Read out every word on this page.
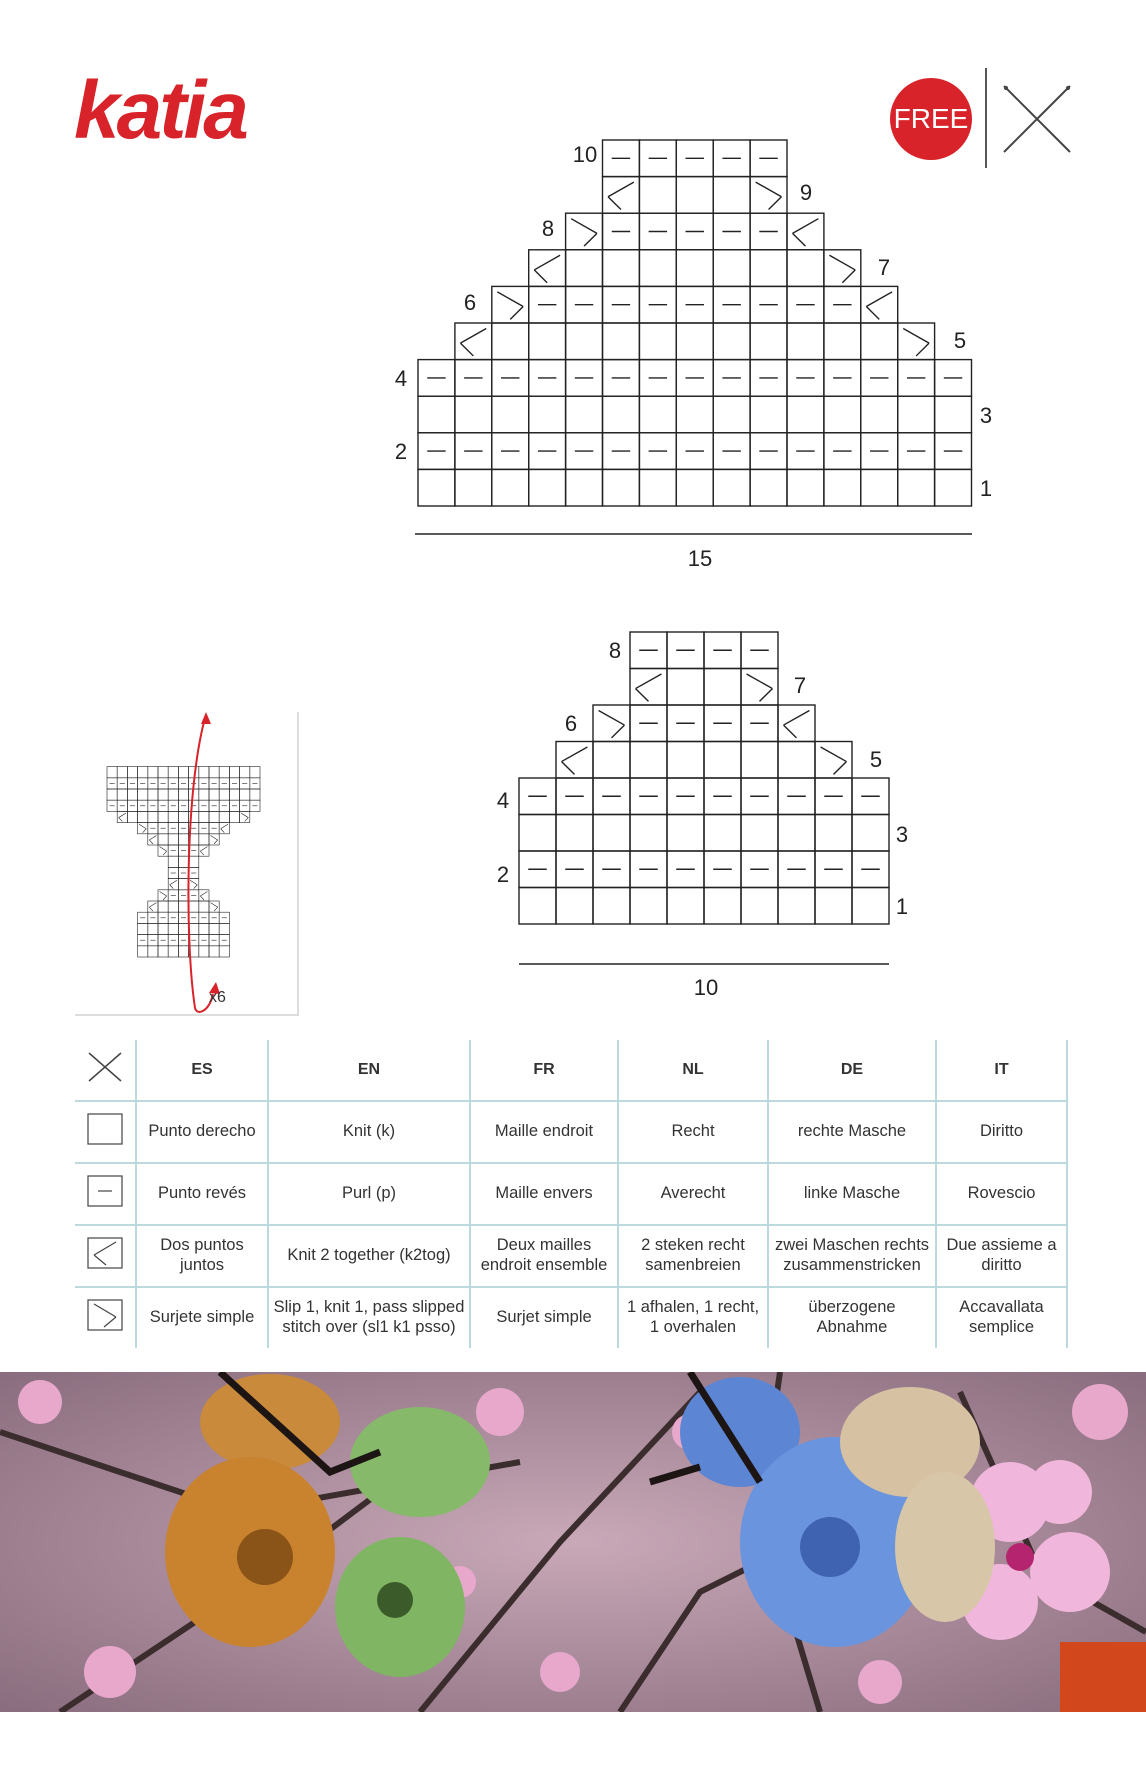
katia	FREE
10
8
6
4
2
9
7
5
3
1
15
8
6
4
2
7
5
3
1
10
x6
	ES	EN	FR	NL	DE	IT
	Punto derecho	Knit (k)	Maille endroit	Recht	rechte Masche	Diritto
	Punto revés	Purl (p)	Maille envers	Averecht	linke Masche	Rovescio
	Dos puntos juntos	Knit 2 together (k2tog)	Deux mailles endroit ensemble	2 steken recht samenbreien	zwei Maschen rechts zusammenstricken	Due assieme a diritto
	Surjete simple	Slip 1, knit 1, pass slipped stitch over (sl1 k1 psso)	Surjet simple	1 afhalen, 1 recht, 1 overhalen	überzogene Abnahme	Accavallata semplice
